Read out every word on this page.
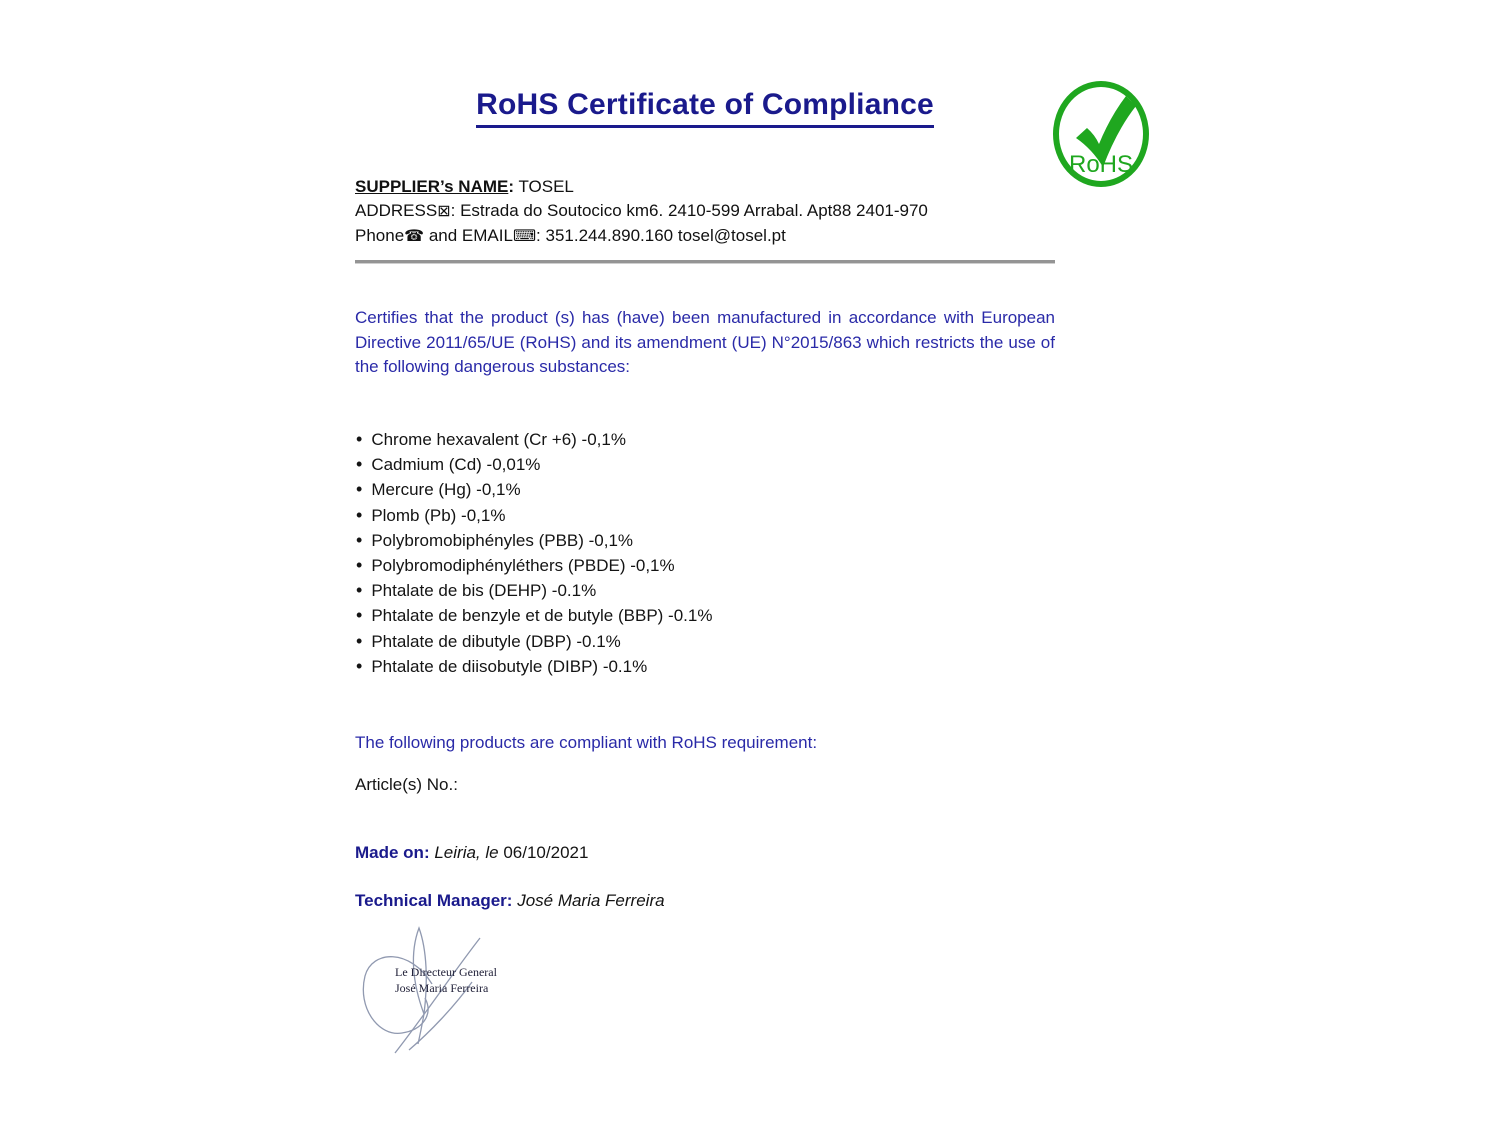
RoHS Certificate of Compliance
RoHS
SUPPLIER’s NAME: TOSEL
ADDRESS⊠: Estrada do Soutocico km6. 2410-599 Arrabal. Apt88 2401-970
Phone☎ and EMAIL⌨: 351.244.890.160 tosel@tosel.pt
Certifies that the product (s) has (have) been manufactured in accordance with European Directive 2011/65/UE (RoHS) and its amendment (UE) N°2015/863 which restricts the use of the following dangerous substances:
• Chrome hexavalent (Cr +6) -0,1%
• Cadmium (Cd) -0,01%
• Mercure (Hg) -0,1%
• Plomb (Pb) -0,1%
• Polybromobiphényles (PBB) -0,1%
• Polybromodiphényléthers (PBDE) -0,1%
• Phtalate de bis (DEHP) -0.1%
• Phtalate de benzyle et de butyle (BBP) -0.1%
• Phtalate de dibutyle (DBP) -0.1%
• Phtalate de diisobutyle (DIBP) -0.1%
The following products are compliant with RoHS requirement:
Article(s) No.:
Made on: Leiria, le 06/10/2021
Technical Manager: José Maria Ferreira
Le Directeur General
José Maria Ferreira
